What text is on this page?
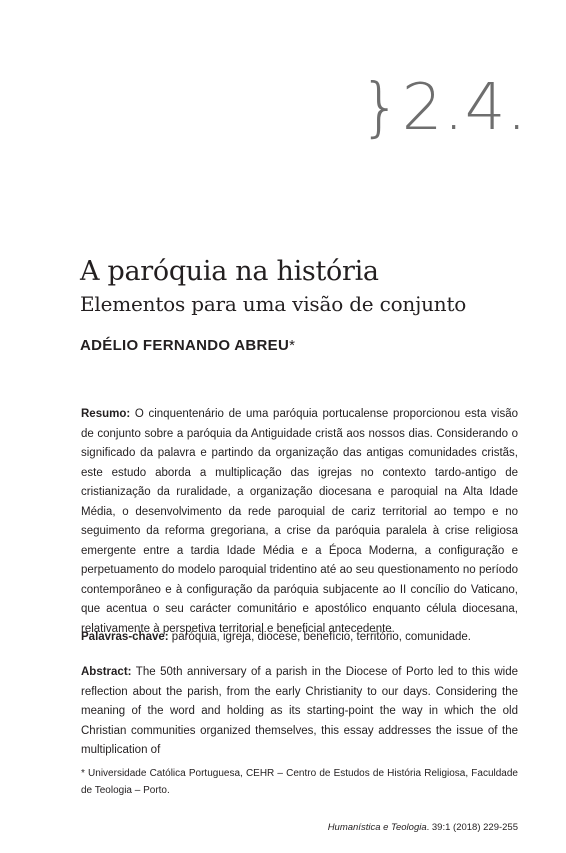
}2.4.
A paróquia na história
Elementos para uma visão de conjunto
ADÉLIO FERNANDO ABREU*
Resumo: O cinquentenário de uma paróquia portucalense proporcionou esta visão de conjunto sobre a paróquia da Antiguidade cristã aos nossos dias. Considerando o significado da palavra e partindo da organização das antigas comunidades cristãs, este estudo aborda a multiplicação das igrejas no contexto tardo-antigo de cristianização da ruralidade, a organização diocesana e paroquial na Alta Idade Média, o desenvolvimento da rede paroquial de cariz territorial ao tempo e no seguimento da reforma gregoriana, a crise da paróquia paralela à crise religiosa emergente entre a tardia Idade Média e a Época Moderna, a configuração e perpetuamento do modelo paroquial tridentino até ao seu questionamento no período contemporâneo e à configuração da paróquia subjacente ao II concílio do Vaticano, que acentua o seu carácter comunitário e apostólico enquanto célula diocesana, relativamente à perspetiva territorial e beneficial antecedente.
Palavras-chave: paróquia, igreja, diocese, benefício, território, comunidade.
Abstract: The 50th anniversary of a parish in the Diocese of Porto led to this wide reflection about the parish, from the early Christianity to our days. Considering the meaning of the word and holding as its starting-point the way in which the old Christian communities organized themselves, this essay addresses the issue of the multiplication of
* Universidade Católica Portuguesa, CEHR – Centro de Estudos de História Religiosa, Faculdade de Teologia – Porto.
Humanística e Teologia. 39:1 (2018) 229-255
